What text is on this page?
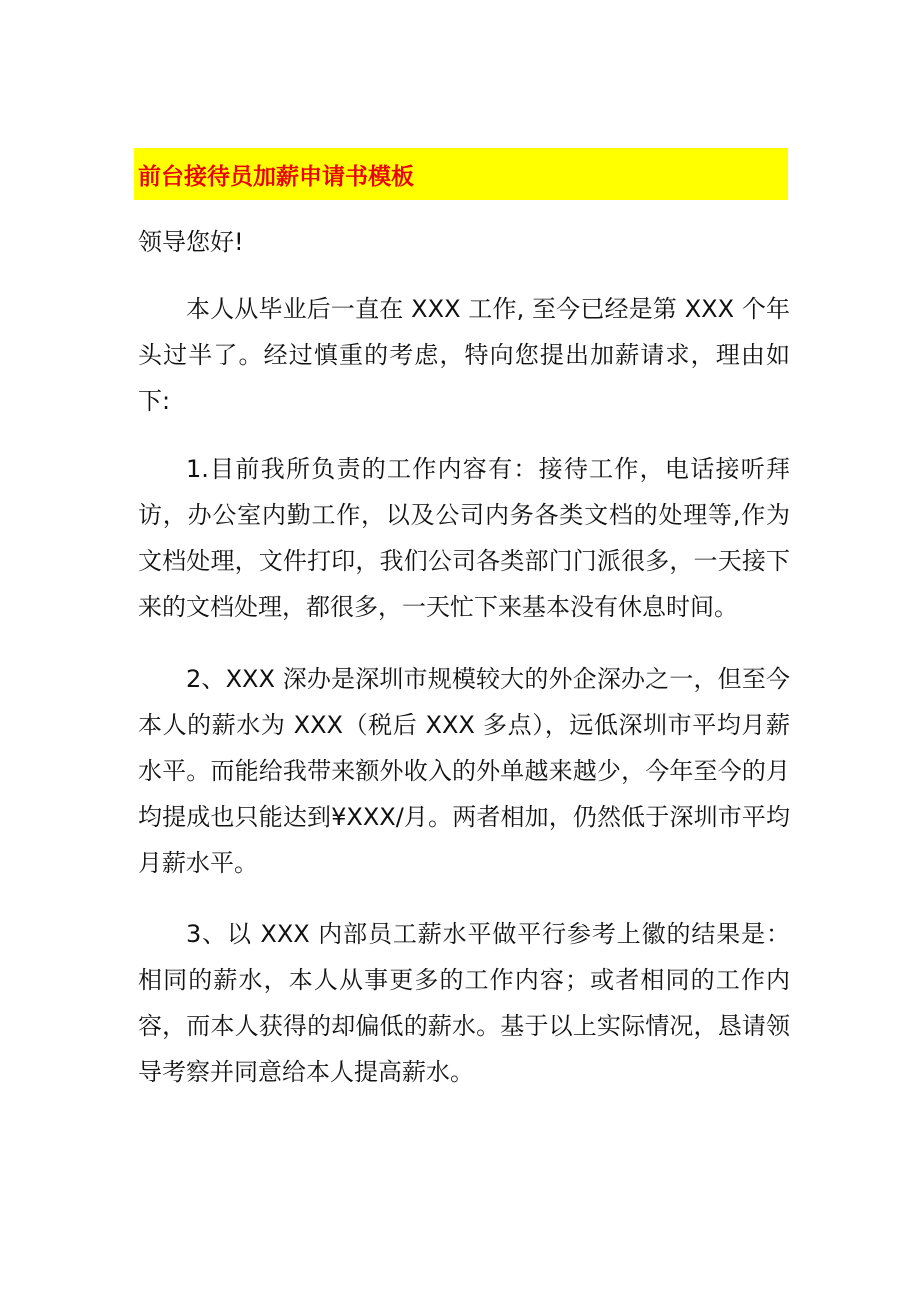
前台接待员加薪申请书模板

领导您好!

本人从毕业后一直在 XXX 工作, 至今已经是第 XXX 个年头过半了。经过慎重的考虑，特向您提出加薪请求，理由如下:

1.目前我所负责的工作内容有：接待工作，电话接听拜访，办公室内勤工作，以及公司内务各类文档的处理等,作为文档处理，文件打印，我们公司各类部门门派很多，一天接下来的文档处理，都很多，一天忙下来基本没有休息时间。

2、XXX 深办是深圳市规模较大的外企深办之一，但至今本人的薪水为 XXX（税后 XXX 多点），远低深圳市平均月薪水平。而能给我带来额外收入的外单越来越少，今年至今的月均提成也只能达到¥XXX/月。两者相加，仍然低于深圳市平均月薪水平。

3、以 XXX 内部员工薪水平做平行参考上徽的结果是：相同的薪水，本人从事更多的工作内容；或者相同的工作内容，而本人获得的却偏低的薪水。基于以上实际情况，恳请领导考察并同意给本人提高薪水。
